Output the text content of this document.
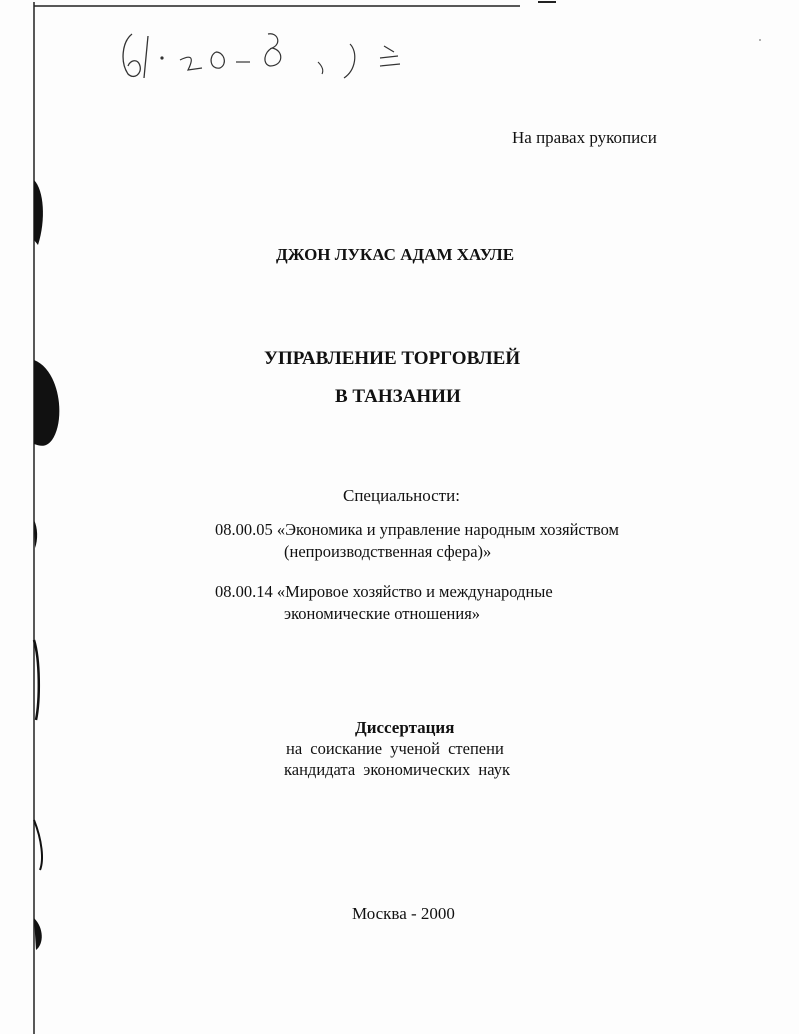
На правах рукописи
ДЖОН ЛУКАС АДАМ ХАУЛЕ
УПРАВЛЕНИЕ ТОРГОВЛЕЙ
В ТАНЗАНИИ
Специальности:
08.00.05 «Экономика и управление народным хозяйством
(непроизводственная сфера)»
08.00.14 «Мировое хозяйство и международные
экономические отношения»
Диссертация
на соискание ученой степени
кандидата экономических наук
Москва - 2000
